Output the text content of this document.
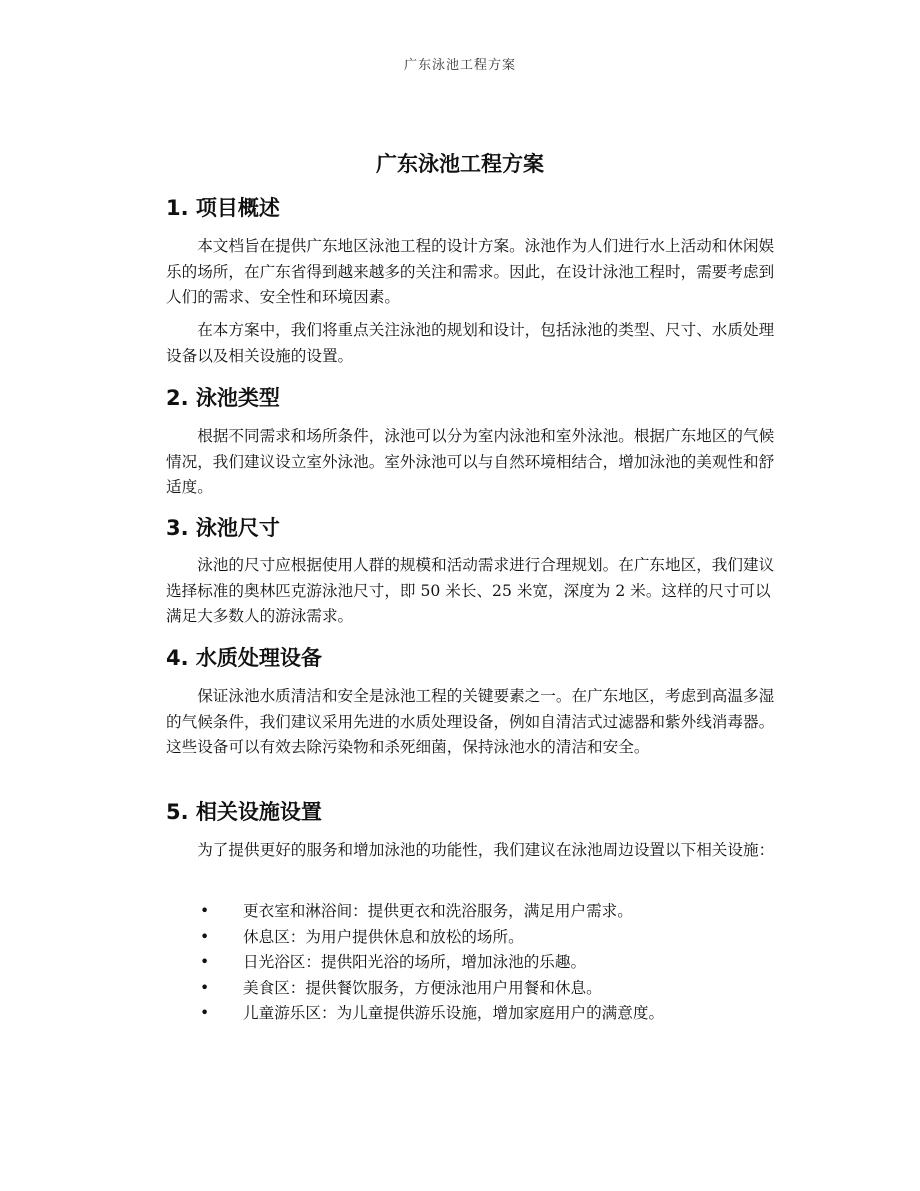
广东泳池工程方案
广东泳池工程方案
1. 项目概述

　　本文档旨在提供广东地区泳池工程的设计方案。泳池作为人们进行水上活动和休闲娱乐的场所，在广东省得到越来越多的关注和需求。因此，在设计泳池工程时，需要考虑到人们的需求、安全性和环境因素。

　　在本方案中，我们将重点关注泳池的规划和设计，包括泳池的类型、尺寸、水质处理设备以及相关设施的设置。

2. 泳池类型

　　根据不同需求和场所条件，泳池可以分为室内泳池和室外泳池。根据广东地区的气候情况，我们建议设立室外泳池。室外泳池可以与自然环境相结合，增加泳池的美观性和舒适度。

3. 泳池尺寸

　　泳池的尺寸应根据使用人群的规模和活动需求进行合理规划。在广东地区，我们建议选择标准的奥林匹克游泳池尺寸，即 50 米长、25 米宽，深度为 2 米。这样的尺寸可以满足大多数人的游泳需求。

4. 水质处理设备

　　保证泳池水质清洁和安全是泳池工程的关键要素之一。在广东地区，考虑到高温多湿的气候条件，我们建议采用先进的水质处理设备，例如自清洁式过滤器和紫外线消毒器。这些设备可以有效去除污染物和杀死细菌，保持泳池水的清洁和安全。

5. 相关设施设置

　　为了提供更好的服务和增加泳池的功能性，我们建议在泳池周边设置以下相关设施：

• 更衣室和淋浴间：提供更衣和洗浴服务，满足用户需求。
• 休息区：为用户提供休息和放松的场所。
• 日光浴区：提供阳光浴的场所，增加泳池的乐趣。
• 美食区：提供餐饮服务，方便泳池用户用餐和休息。
• 儿童游乐区：为儿童提供游乐设施，增加家庭用户的满意度。
